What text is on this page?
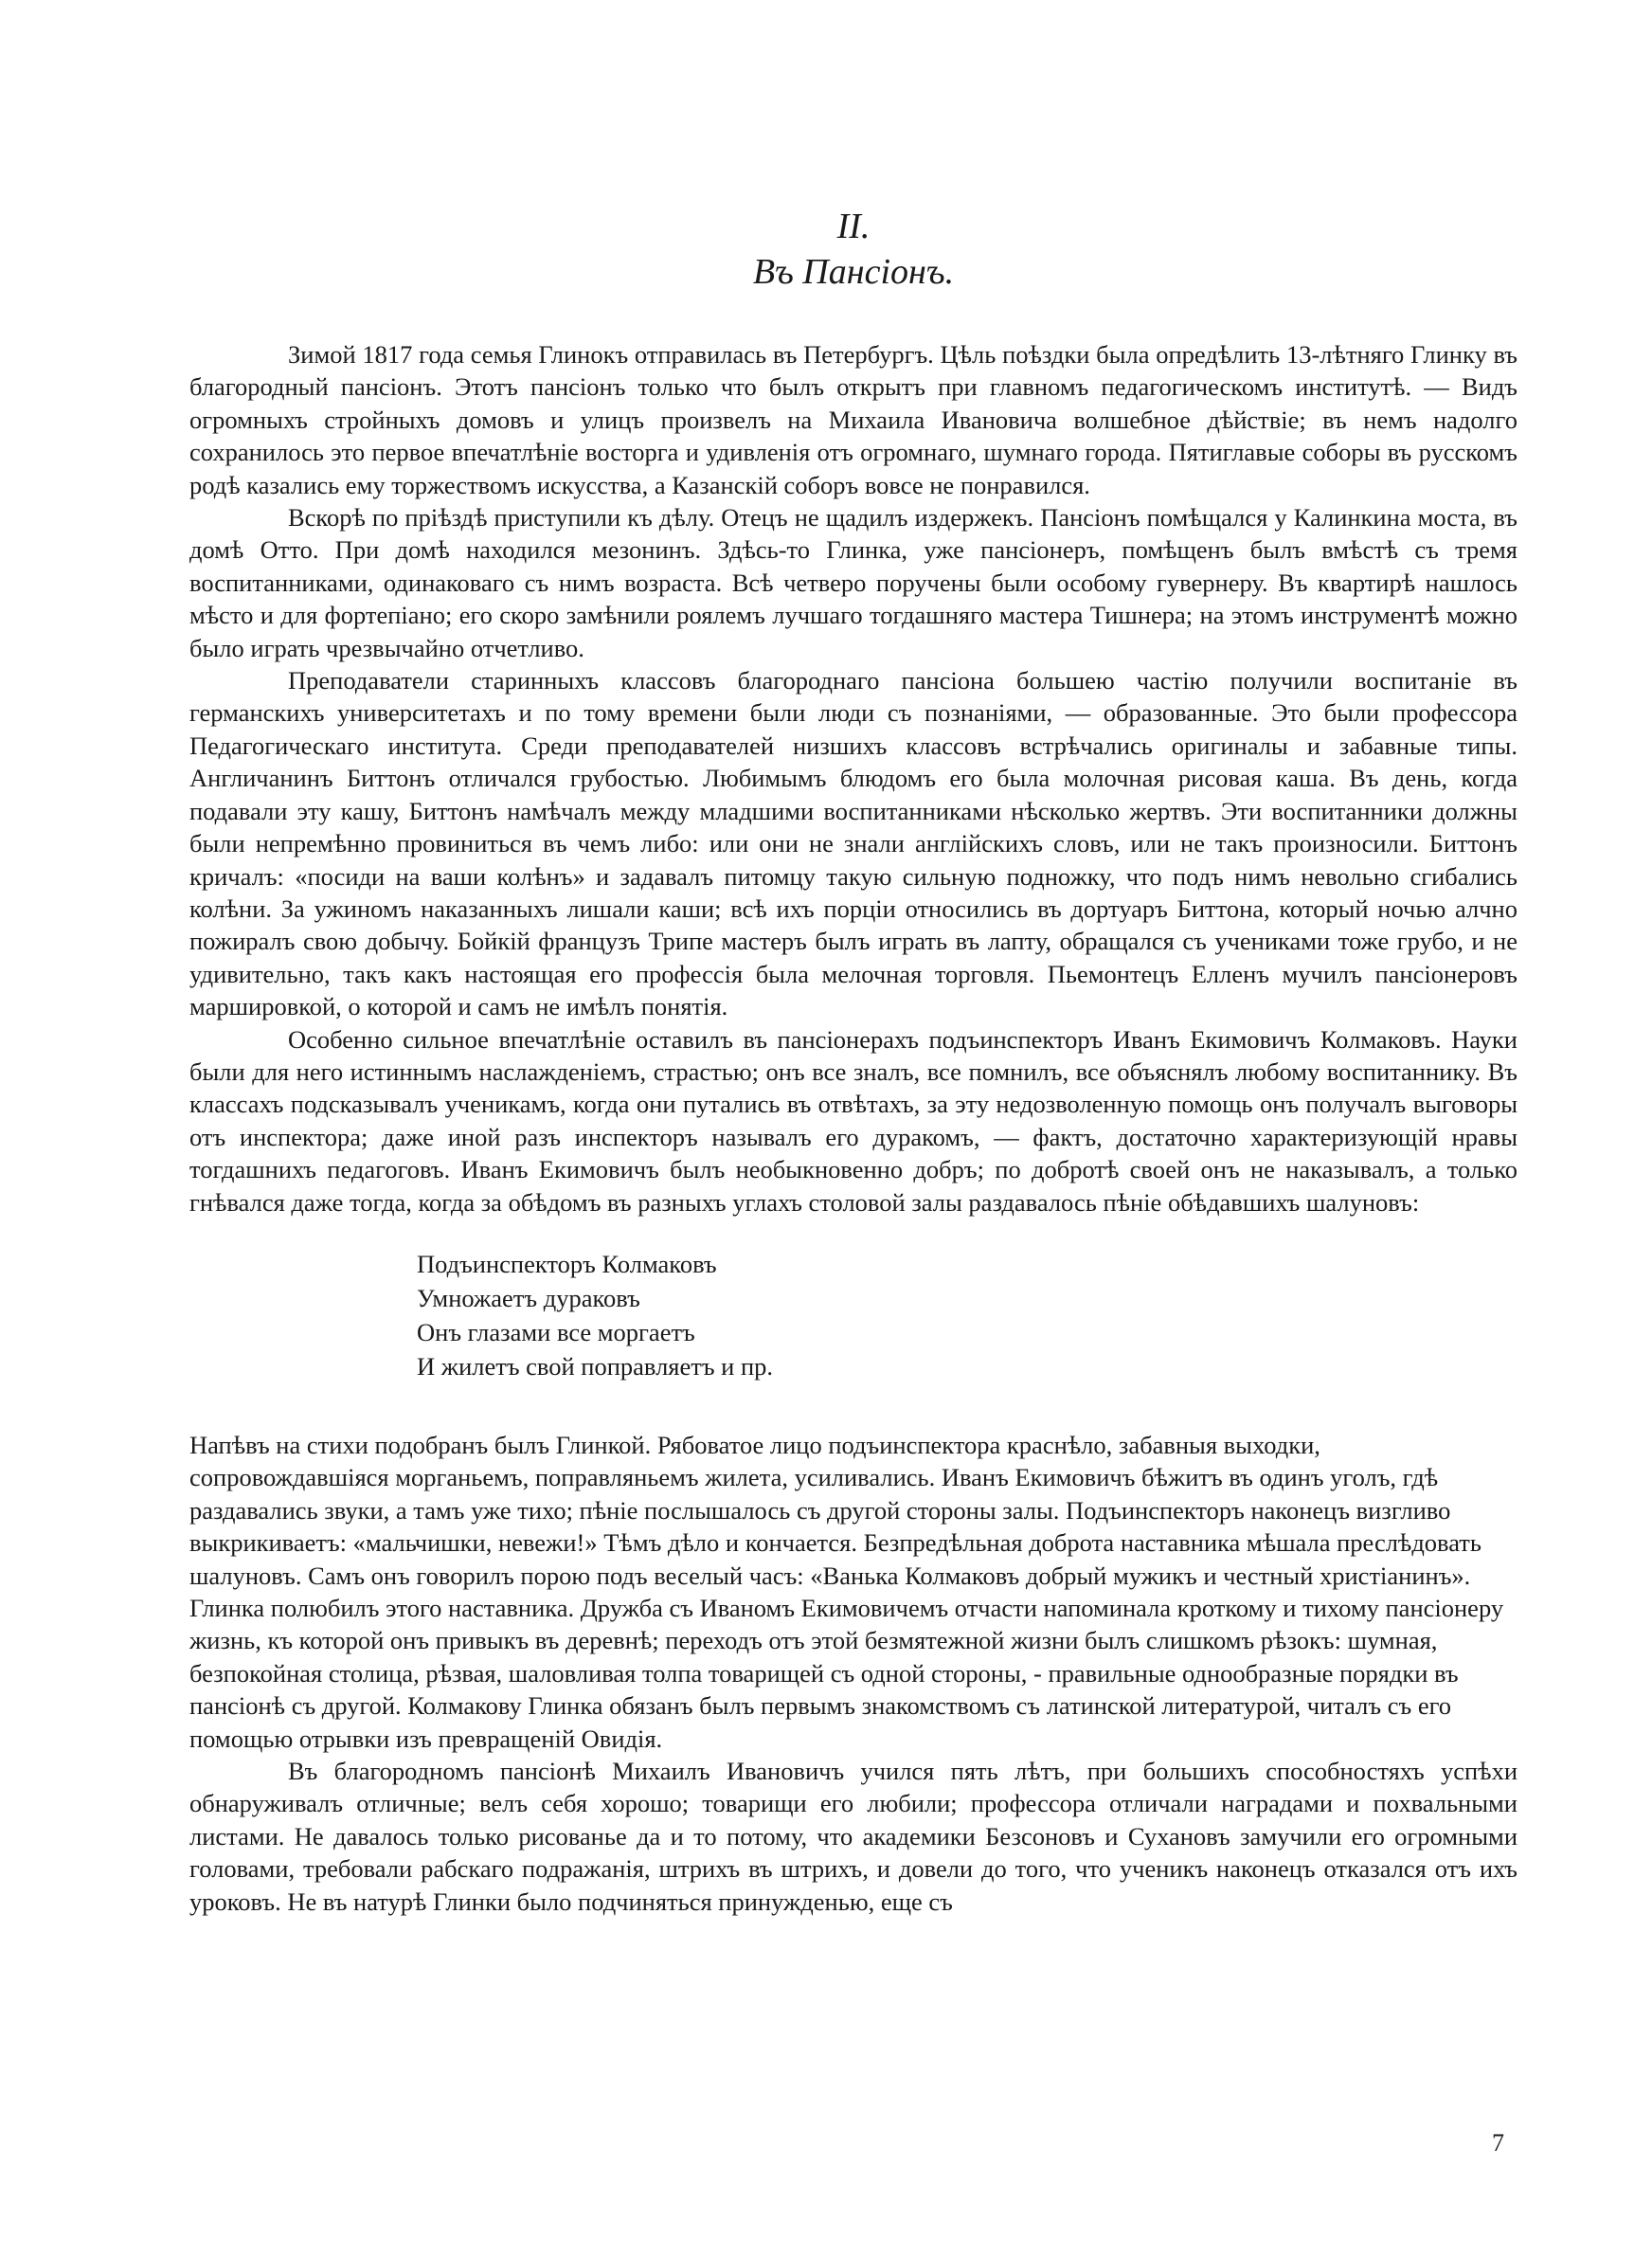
II.
Въ Пансiонъ.

Зимой 1817 года семья Глинокъ отправилась въ Петербургъ. Цѣль поѣздки была опредѣлить 13-лѣтняго Глинку въ благородный пансiонъ. Этотъ пансiонъ только что былъ открытъ при главномъ педагогическомъ институтѣ. — Видъ огромныхъ стройныхъ домовъ и улицъ произвелъ на Михаила Ивановича волшебное дѣйствiе; въ немъ надолго сохранилось это первое впечатлѣнiе восторга и удивленiя отъ огромнаго, шумнаго города. Пятиглавые соборы въ русскомъ родѣ казались ему торжествомъ искусства, а Казанскiй соборъ вовсе не понравился.

Вскорѣ по прiѣздѣ приступили къ дѣлу. Отецъ не щадилъ издержекъ. Пансiонъ помѣщался у Калинкина моста, въ домѣ Отто. При домѣ находился мезонинъ. Здѣсь-то Глинка, уже пансiонеръ, помѣщенъ былъ вмѣстѣ съ тремя воспитанниками, одинаковаго съ нимъ возраста. Всѣ четверо поручены были особому гувернеру. Въ квартирѣ нашлось мѣсто и для фортепiано; его скоро замѣнили роялемъ лучшаго тогдашняго мастера Тишнера; на этомъ инструментѣ можно было играть чрезвычайно отчетливо.

Преподаватели старинныхъ классовъ благороднаго пансiона большею частiю получили воспитанiе въ германскихъ университетахъ и по тому времени были люди съ познанiями, — образованные. Это были профессора Педагогическаго института. Среди преподавателей низшихъ классовъ встрѣчались оригиналы и забавные типы. Англичанинъ Биттонъ отличался грубостью. Любимымъ блюдомъ его была молочная рисовая каша. Въ день, когда подавали эту кашу, Биттонъ намѣчалъ между младшими воспитанниками нѣсколько жертвъ. Эти воспитанники должны были непремѣнно провиниться въ чемъ либо: или они не знали англiйскихъ словъ, или не такъ произносили. Биттонъ кричалъ: «посиди на ваши колѣнъ» и задавалъ питомцу такую сильную подножку, что подъ нимъ невольно сгибались колѣни. За ужиномъ наказанныхъ лишали каши; всѣ ихъ порцiи относились въ дортуаръ Биттона, который ночью алчно пожиралъ свою добычу. Бойкiй французъ Трипе мастеръ былъ играть въ лапту, обращался съ учениками тоже грубо, и не удивительно, такъ какъ настоящая его професciя была мелочная торговля. Пьемонтецъ Елленъ мучилъ пансiонеровъ маршировкой, о которой и самъ не имѣлъ понятiя.

Особенно сильное впечатлѣнiе оставилъ въ пансiонерахъ подъинспекторъ Иванъ Екимовичъ Колмаковъ. Науки были для него истиннымъ наслажденiемъ, страстью; онъ все зналъ, все помнилъ, все объяснялъ любому воспитаннику. Въ классахъ подсказывалъ ученикамъ, когда они путались въ отвѣтахъ, за эту недозволенную помощь онъ получалъ выговоры отъ инспектора; даже иной разъ инспекторъ называлъ его дуракомъ, — фактъ, достаточно характеризующiй нравы тогдашнихъ педагоговъ. Иванъ Екимовичъ былъ необыкновенно добръ; по добротѣ своей онъ не наказывалъ, а только гнѣвался даже тогда, когда за обѣдомъ въ разныхъ углахъ столовой залы раздавалось пѣнiе обѣдавшихъ шалуновъ:

Подъинспекторъ Колмаковъ
Умножаетъ дураковъ
Онъ глазами все моргаетъ
И жилетъ свой поправляетъ и пр.

Напѣвъ на стихи подобранъ былъ Глинкой. Рябоватое лицо подъинспектора краснѣло, забавныя выходки, сопровождавшiяся морганьемъ, поправляньемъ жилета, усиливались. Иванъ Екимовичъ бѣжитъ въ одинъ уголъ, гдѣ раздавались звуки, а тамъ уже тихо; пѣнiе послышалось съ другой стороны залы. Подъинспекторъ наконецъ визгливо выкрикиваетъ: «мальчишки, невежи!» Тѣмъ дѣло и кончается. Безпредѣльная доброта наставника мѣшала преслѣдовать шалуновъ. Самъ онъ говорилъ порою подъ веселый часъ: «Ванька Колмаковъ добрый мужикъ и честный христiанинъ». Глинка полюбилъ этого наставника. Дружба съ Иваномъ Екимовичемъ отчасти напоминала кроткому и тихому пансiонеру жизнь, къ которой онъ привыкъ въ деревнѣ; переходъ отъ этой безмятежной жизни былъ слишкомъ рѣзокъ: шумная, безпокойная столица, рѣзвая, шаловливая толпа товарищей съ одной стороны, - правильные однообразные порядки въ пансiонѣ съ другой. Колмакову Глинка обязанъ былъ первымъ знакомствомъ съ латинской литературой, читалъ съ его помощью отрывки изъ превращенiй Овидiя.

Въ благородномъ пансiонѣ Михаилъ Ивановичъ учился пять лѣтъ, при большихъ способностяхъ успѣхи обнаруживалъ отличные; велъ себя хорошо; товарищи его любили; профессора отличали наградами и похвальными листами. Не давалось только рисованье да и то потому, что академики Безсоновъ и Сухановъ замучили его огромными головами, требовали рабскаго подражанiя, штрихъ въ штрихъ, и довели до того, что ученикъ наконецъ отказался отъ ихъ уроковъ. Не въ натурѣ Глинки было подчиняться принужденью, еще съ

7
